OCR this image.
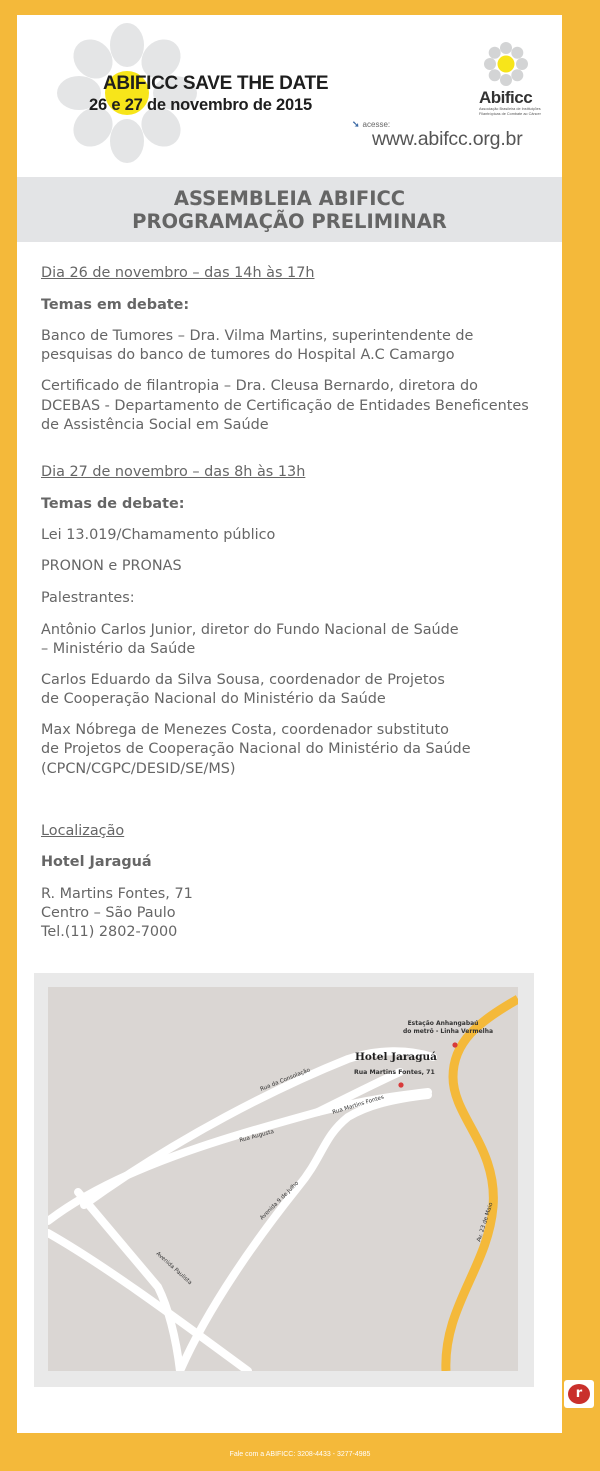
ABIFICC SAVE THE DATE
26 e 27 de novembro de 2015	Abificc
Associação Brasileira de Instituições Filantrópicas de Combate ao Câncer
➘ acesse:
www.abifcc.org.br
ASSEMBLEIA ABIFICC
PROGRAMAÇÃO PRELIMINAR
Dia 26 de novembro – das 14h às 17h
Temas em debate:
Banco de Tumores – Dra. Vilma Martins, superintendente de
pesquisas do banco de tumores do Hospital A.C Camargo
Certificado de filantropia – Dra. Cleusa Bernardo, diretora do
DCEBAS - Departamento de Certificação de Entidades Beneficentes
de Assistência Social em Saúde
Dia 27 de novembro – das 8h às 13h
Temas de debate:
Lei 13.019/Chamamento público
PRONON e PRONAS
Palestrantes:
Antônio Carlos Junior, diretor do Fundo Nacional de Saúde
– Ministério da Saúde
Carlos Eduardo da Silva Sousa, coordenador de Projetos
de Cooperação Nacional do Ministério da Saúde
Max Nóbrega de Menezes Costa, coordenador substituto
de Projetos de Cooperação Nacional do Ministério da Saúde
(CPCN/CGPC/DESID/SE/MS)
Localização
Hotel Jaraguá
R. Martins Fontes, 71
Centro – São Paulo
Tel.(11) 2802-7000
Hotel Jaraguá
Rua Martins Fontes, 71
Estação Anhangabaú
do metrô - Linha Vermelha
Rua da Consolação
Rua Martins Fontes
Rua Augusta
Avenida 9 de Julho
Avenida Paulista
Av. 23 de Maio
r
Fale com a ABIFICC: 3208-4433 - 3277-4985
